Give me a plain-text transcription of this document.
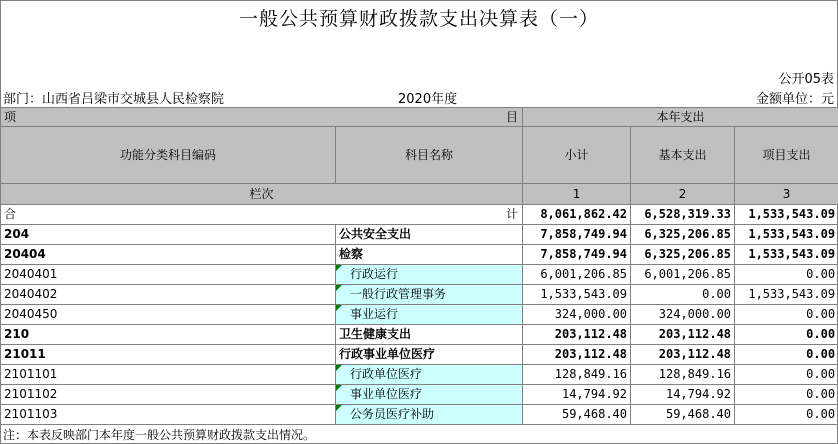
一般公共预算财政拨款支出决算表（一）
公开05表
部门：山西省吕梁市交城县人民检察院	2020年度	金额单位：元
项 目		本年支出		
功能分类科目编码	科目名称	小计	基本支出	项目支出
栏次		1	2	3
合 计		8,061,862.42	6,528,319.33	1,533,543.09
204	公共安全支出	7,858,749.94	6,325,206.85	1,533,543.09
20404	检察	7,858,749.94	6,325,206.85	1,533,543.09
2040401	行政运行	6,001,206.85	6,001,206.85	0.00
2040402	一般行政管理事务	1,533,543.09	0.00	1,533,543.09
2040450	事业运行	324,000.00	324,000.00	0.00
210	卫生健康支出	203,112.48	203,112.48	0.00
21011	行政事业单位医疗	203,112.48	203,112.48	0.00
2101101	行政单位医疗	128,849.16	128,849.16	0.00
2101102	事业单位医疗	14,794.92	14,794.92	0.00
2101103	公务员医疗补助	59,468.40	59,468.40	0.00
注：本表反映部门本年度一般公共预算财政拨款支出情况。
